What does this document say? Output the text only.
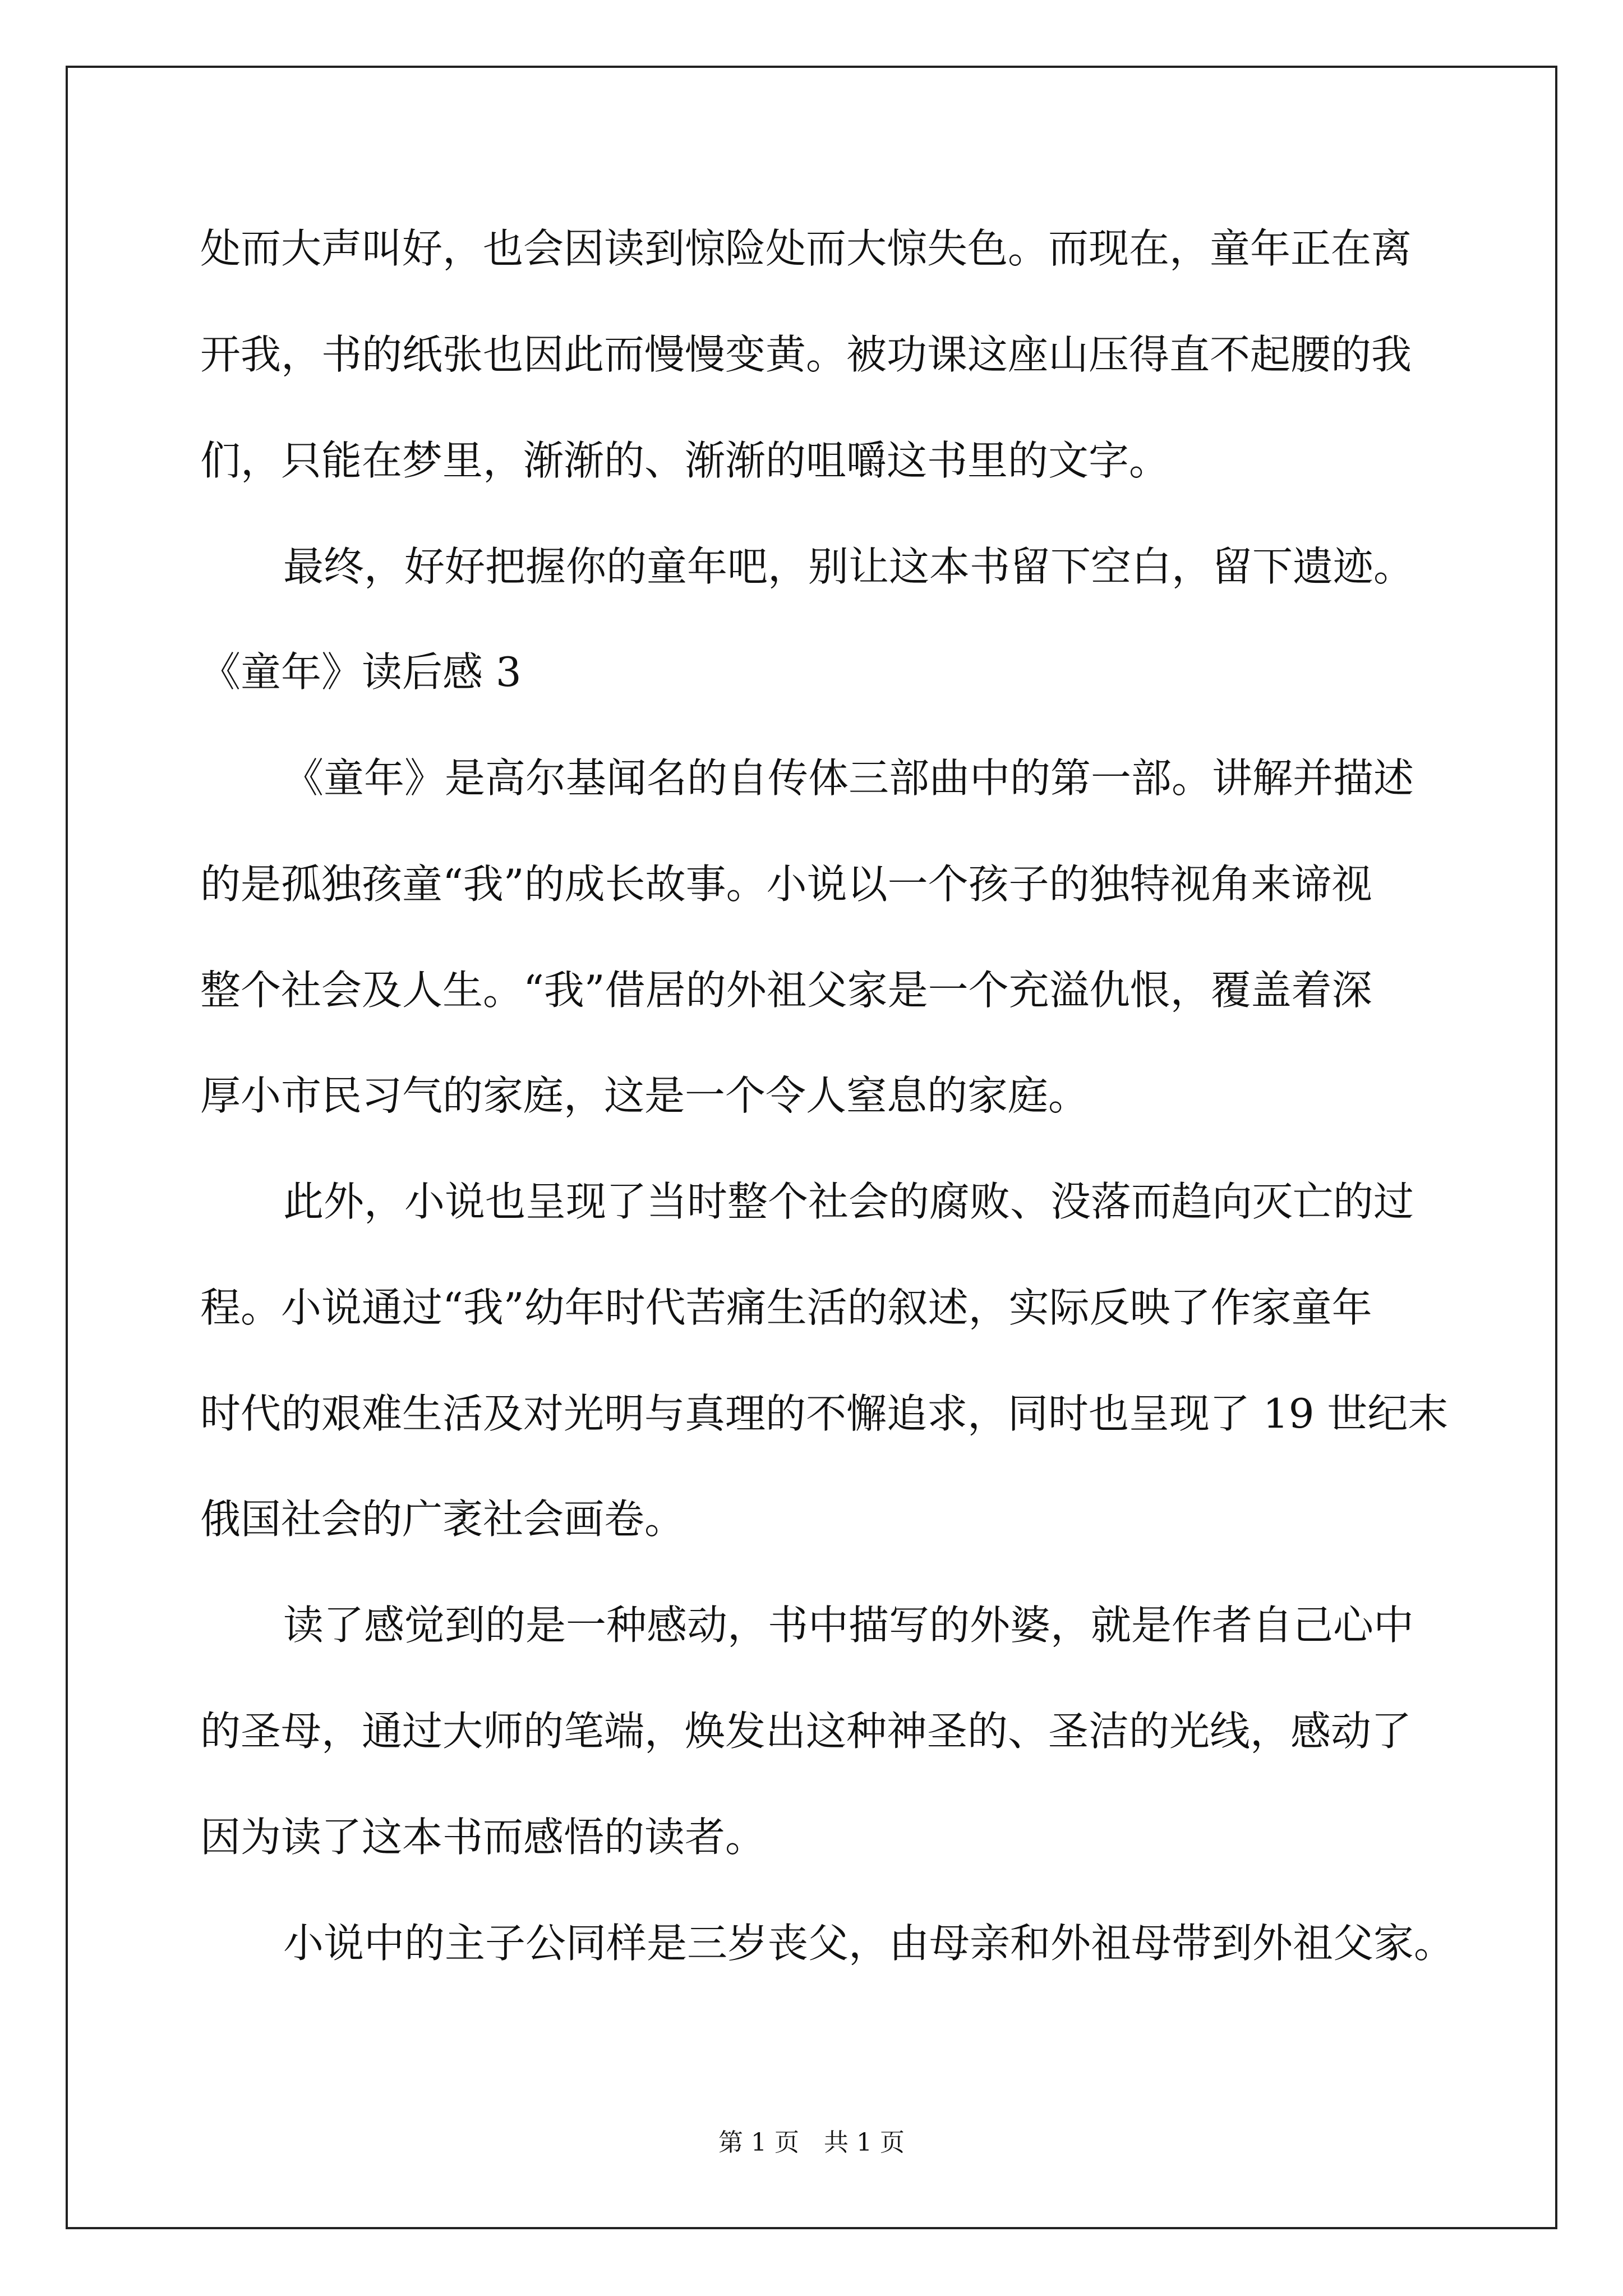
处而大声叫好，也会因读到惊险处而大惊失色。而现在，童年正在离
开我，书的纸张也因此而慢慢变黄。被功课这座山压得直不起腰的我
们，只能在梦里，渐渐的、渐渐的咀嚼这书里的文字。
最终，好好把握你的童年吧，别让这本书留下空白，留下遗迹。
《童年》读后感 3
《童年》是高尔基闻名的自传体三部曲中的第一部。讲解并描述
的是孤独孩童“我”的成长故事。小说以一个孩子的独特视角来谛视
整个社会及人生。“我”借居的外祖父家是一个充溢仇恨，覆盖着深
厚小市民习气的家庭，这是一个令人窒息的家庭。
此外，小说也呈现了当时整个社会的腐败、没落而趋向灭亡的过
程。小说通过“我”幼年时代苦痛生活的叙述，实际反映了作家童年
时代的艰难生活及对光明与真理的不懈追求，同时也呈现了 19 世纪末
俄国社会的广袤社会画卷。
读了感觉到的是一种感动，书中描写的外婆，就是作者自己心中
的圣母，通过大师的笔端，焕发出这种神圣的、圣洁的光线，感动了
因为读了这本书而感悟的读者。
小说中的主子公同样是三岁丧父，由母亲和外祖母带到外祖父家。
第 1 页　共 1 页
